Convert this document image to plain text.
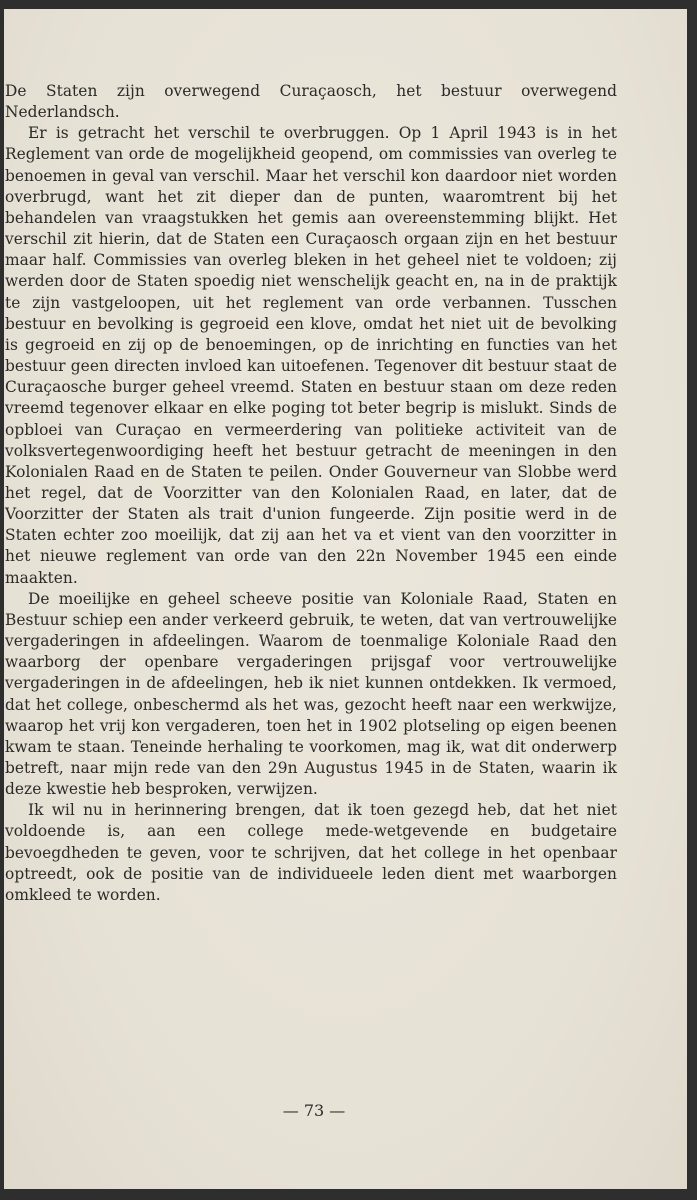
De Staten zijn overwegend Curaçaosch, het bestuur overwegend Nederlandsch.

Er is getracht het verschil te overbruggen. Op 1 April 1943 is in het Reglement van orde de mogelijkheid geopend, om commissies van overleg te benoemen in geval van verschil. Maar het verschil kon daardoor niet worden overbrugd, want het zit dieper dan de punten, waaromtrent bij het behandelen van vraagstukken het gemis aan overeenstemming blijkt. Het verschil zit hierin, dat de Staten een Curaçaosch orgaan zijn en het bestuur maar half. Commissies van overleg bleken in het geheel niet te voldoen; zij werden door de Staten spoedig niet wenschelijk geacht en, na in de praktijk te zijn vastgeloopen, uit het reglement van orde verbannen. Tusschen bestuur en bevolking is gegroeid een klove, omdat het niet uit de bevolking is gegroeid en zij op de benoemingen, op de inrichting en functies van het bestuur geen directen invloed kan uitoefenen. Tegenover dit bestuur staat de Curaçaosche burger geheel vreemd. Staten en bestuur staan om deze reden vreemd tegenover elkaar en elke poging tot beter begrip is mislukt. Sinds de opbloei van Curaçao en vermeerdering van politieke activiteit van de volksvertegenwoordiging heeft het bestuur getracht de meeningen in den Kolonialen Raad en de Staten te peilen. Onder Gouverneur van Slobbe werd het regel, dat de Voorzitter van den Kolonialen Raad, en later, dat de Voorzitter der Staten als trait d'union fungeerde. Zijn positie werd in de Staten echter zoo moeilijk, dat zij aan het va et vient van den voorzitter in het nieuwe reglement van orde van den 22n November 1945 een einde maakten.

De moeilijke en geheel scheeve positie van Koloniale Raad, Staten en Bestuur schiep een ander verkeerd gebruik, te weten, dat van vertrouwelijke vergaderingen in afdeelingen. Waarom de toenmalige Koloniale Raad den waarborg der openbare vergaderingen prijsgaf voor vertrouwelijke vergaderingen in de afdeelingen, heb ik niet kunnen ontdekken. Ik vermoed, dat het college, onbeschermd als het was, gezocht heeft naar een werkwijze, waarop het vrij kon vergaderen, toen het in 1902 plotseling op eigen beenen kwam te staan. Teneinde herhaling te voorkomen, mag ik, wat dit onderwerp betreft, naar mijn rede van den 29n Augustus 1945 in de Staten, waarin ik deze kwestie heb besproken, verwijzen.

Ik wil nu in herinnering brengen, dat ik toen gezegd heb, dat het niet voldoende is, aan een college mede-wetgevende en budgetaire bevoegdheden te geven, voor te schrijven, dat het college in het openbaar optreedt, ook de positie van de individueele leden dient met waarborgen omkleed te worden.

— 73 —
